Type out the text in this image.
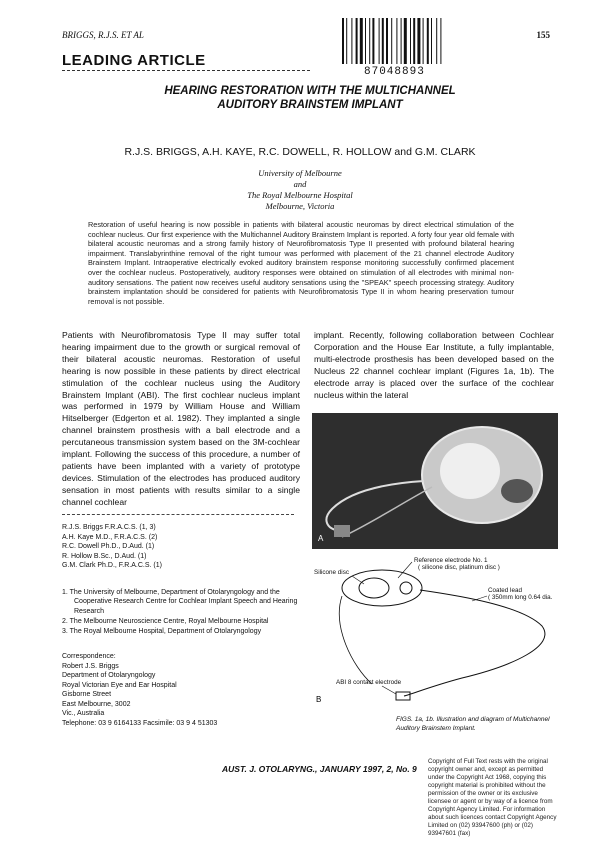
BRIGGS, R.J.S. ET AL	155
87048893
LEADING ARTICLE
HEARING RESTORATION WITH THE MULTICHANNEL
AUDITORY BRAINSTEM IMPLANT
R.J.S. BRIGGS, A.H. KAYE, R.C. DOWELL, R. HOLLOW and G.M. CLARK
University of Melbourne
and
The Royal Melbourne Hospital
Melbourne, Victoria
Restoration of useful hearing is now possible in patients with bilateral acoustic neuromas by direct electrical stimulation of the cochlear nucleus. Our first experience with the Multichannel Auditory Brainstem Implant is reported. A forty four year old female with bilateral acoustic neuromas and a strong family history of Neurofibromatosis Type II presented with profound bilateral hearing impairment. Translabyrinthine removal of the right tumour was performed with placement of the 21 channel electrode Auditory Brainstem Implant. Intraoperative electrically evoked auditory brainstem response monitoring successfully confirmed placement over the cochlear nucleus. Postoperatively, auditory responses were obtained on stimulation of all electrodes with minimal non-auditory sensations. The patient now receives useful auditory sensations using the "SPEAK" speech processing strategy. Auditory brainstem implantation should be considered for patients with Neurofibromatosis Type II in whom hearing preservation tumour removal is not possible.
Patients with Neurofibromatosis Type II may suffer total hearing impairment due to the growth or surgical removal of their bilateral acoustic neuromas. Restoration of useful hearing is now possible in these patients by direct electrical stimulation of the cochlear nucleus using the Auditory Brainstem Implant (ABI). The first cochlear nucleus implant was performed in 1979 by William House and William Hitselberger (Edgerton et al. 1982). They implanted a single channel brainstem prosthesis with a ball electrode and a percutaneous transmission system based on the 3M-cochlear implant. Following the success of this procedure, a number of patients have been implanted with a variety of prototype devices. Stimulation of the electrodes has produced auditory sensation in most patients with results similar to a single channel cochlear
implant. Recently, following collaboration between Cochlear Corporation and the House Ear Institute, a fully implantable, multi-electrode prosthesis has been developed based on the Nucleus 22 channel cochlear implant (Figures 1a, 1b). The electrode array is placed over the surface of the cochlear nucleus within the lateral
R.J.S. Briggs F.R.A.C.S. (1, 3)
A.H. Kaye M.D., F.R.A.C.S. (2)
R.C. Dowell Ph.D., D.Aud. (1)
R. Hollow B.Sc., D.Aud. (1)
G.M. Clark Ph.D., F.R.A.C.S. (1)
1. The University of Melbourne, Department of Otolaryngology and the Cooperative Research Centre for Cochlear Implant Speech and Hearing Research
2. The Melbourne Neuroscience Centre, Royal Melbourne Hospital
3. The Royal Melbourne Hospital, Department of Otolaryngology
Correspondence:
Robert J.S. Briggs
Department of Otolaryngology
Royal Victorian Eye and Ear Hospital
Gisborne Street
East Melbourne, 3002
Vic., Australia
Telephone: 03 9 6164133 Facsimile: 03 9 4 51303
A
Reference electrode No. 1
( silicone disc, platinum disc )
Silicone disc
Coated lead
( 350mm long 0.64 dia.
ABI 8 contact electrode
B
FIGS. 1a, 1b. Illustration and diagram of Multichannel Auditory Brainstem Implant.
AUST. J. OTOLARYNG., JANUARY 1997, 2, No. 9
Copyright of Full Text rests with the original copyright owner and, except as permitted under the Copyright Act 1968, copying this copyright material is prohibited without the permission of the owner or its exclusive licensee or agent or by way of a licence from Copyright Agency Limited. For information about such licences contact Copyright Agency Limited on (02) 93947600 (ph) or (02) 93947601 (fax)
